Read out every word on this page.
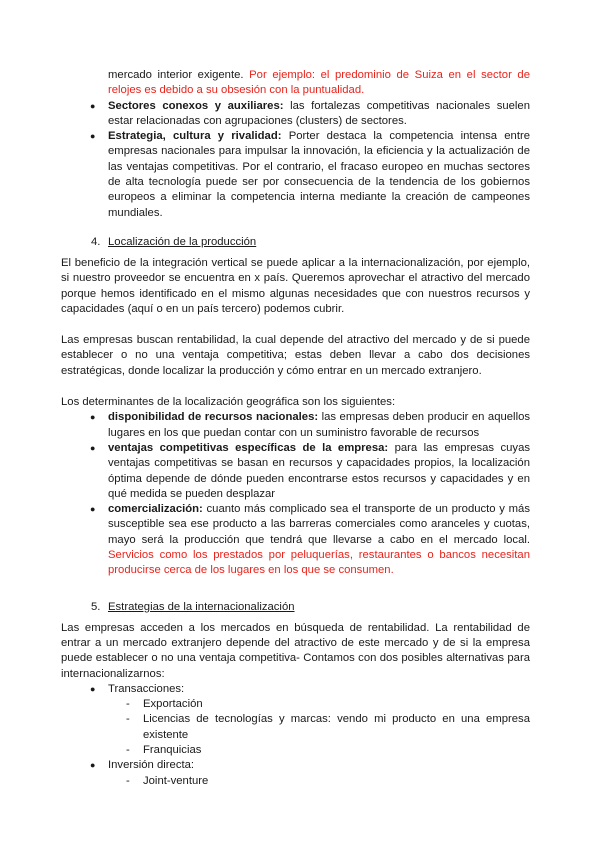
mercado interior exigente. Por ejemplo: el predominio de Suiza en el sector de relojes es debido a su obsesión con la puntualidad.

● Sectores conexos y auxiliares: las fortalezas competitivas nacionales suelen estar relacionadas con agrupaciones (clusters) de sectores.
● Estrategia, cultura y rivalidad: Porter destaca la competencia intensa entre empresas nacionales para impulsar la innovación, la eficiencia y la actualización de las ventajas competitivas. Por el contrario, el fracaso europeo en muchas sectores de alta tecnología puede ser por consecuencia de la tendencia de los gobiernos europeos a eliminar la competencia interna mediante la creación de campeones mundiales.
4. Localización de la producción

El beneficio de la integración vertical se puede aplicar a la internacionalización, por ejemplo, si nuestro proveedor se encuentra en x país. Queremos aprovechar el atractivo del mercado porque hemos identificado en el mismo algunas necesidades que con nuestros recursos y capacidades (aquí o en un país tercero) podemos cubrir.

Las empresas buscan rentabilidad, la cual depende del atractivo del mercado y de si puede establecer o no una ventaja competitiva; estas deben llevar a cabo dos decisiones estratégicas, donde localizar la producción y cómo entrar en un mercado extranjero.

Los determinantes de la localización geográfica son los siguientes:

● disponibilidad de recursos nacionales: las empresas deben producir en aquellos lugares en los que puedan contar con un suministro favorable de recursos
● ventajas competitivas específicas de la empresa: para las empresas cuyas ventajas competitivas se basan en recursos y capacidades propios, la localización óptima depende de dónde pueden encontrarse estos recursos y capacidades y en qué medida se pueden desplazar
● comercialización: cuanto más complicado sea el transporte de un producto y más susceptible sea ese producto a las barreras comerciales como aranceles y cuotas, mayo será la producción que tendrá que llevarse a cabo en el mercado local. Servicios como los prestados por peluquerías, restaurantes o bancos necesitan producirse cerca de los lugares en los que se consumen.
5. Estrategias de la internacionalización

Las empresas acceden a los mercados en búsqueda de rentabilidad. La rentabilidad de entrar a un mercado extranjero depende del atractivo de este mercado y de si la empresa puede establecer o no una ventaja competitiva- Contamos con dos posibles alternativas para internacionalizarnos:

● Transacciones:
- Exportación
- Licencias de tecnologías y marcas: vendo mi producto en una empresa existente
- Franquicias
● Inversión directa:
- Joint-venture
